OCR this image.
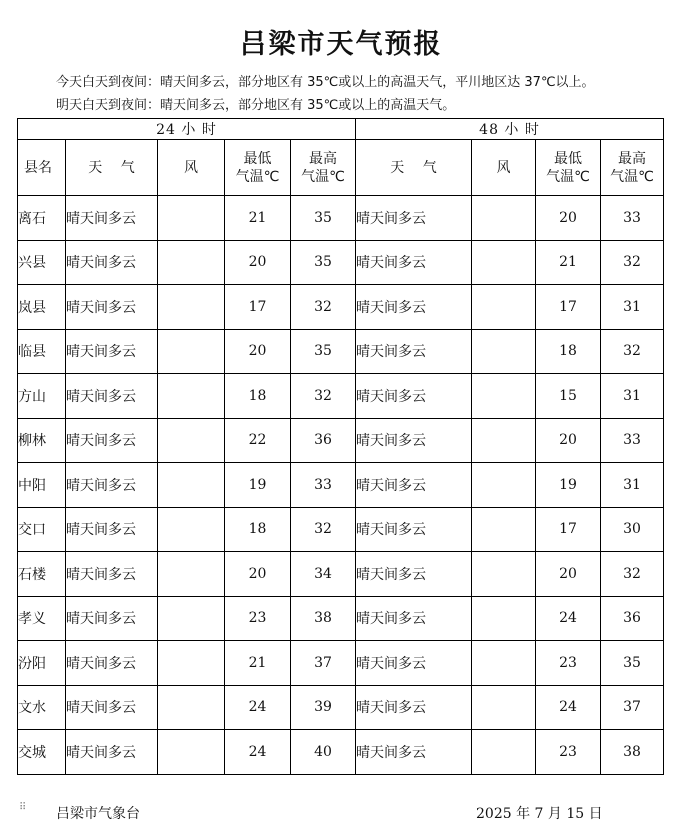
吕梁市天气预报
今天白天到夜间：晴天间多云，部分地区有 35℃或以上的高温天气，平川地区达 37℃以上。
明天白天到夜间：晴天间多云，部分地区有 35℃或以上的高温天气。
24 小 时					48 小 时			
县名	天　 气	风	最低
气温℃	最高
气温℃	天　 气	风	最低
气温℃	最高
气温℃
离石	晴天间多云		21	35	晴天间多云		20	33
兴县	晴天间多云		20	35	晴天间多云		21	32
岚县	晴天间多云		17	32	晴天间多云		17	31
临县	晴天间多云		20	35	晴天间多云		18	32
方山	晴天间多云		18	32	晴天间多云		15	31
柳林	晴天间多云		22	36	晴天间多云		20	33
中阳	晴天间多云		19	33	晴天间多云		19	31
交口	晴天间多云		18	32	晴天间多云		17	30
石楼	晴天间多云		20	34	晴天间多云		20	32
孝义	晴天间多云		23	38	晴天间多云		24	36
汾阳	晴天间多云		21	37	晴天间多云		23	35
文水	晴天间多云		24	39	晴天间多云		24	37
交城	晴天间多云		24	40	晴天间多云		23	38
⠿ 吕梁市气象台	2025 年 7 月 15 日
